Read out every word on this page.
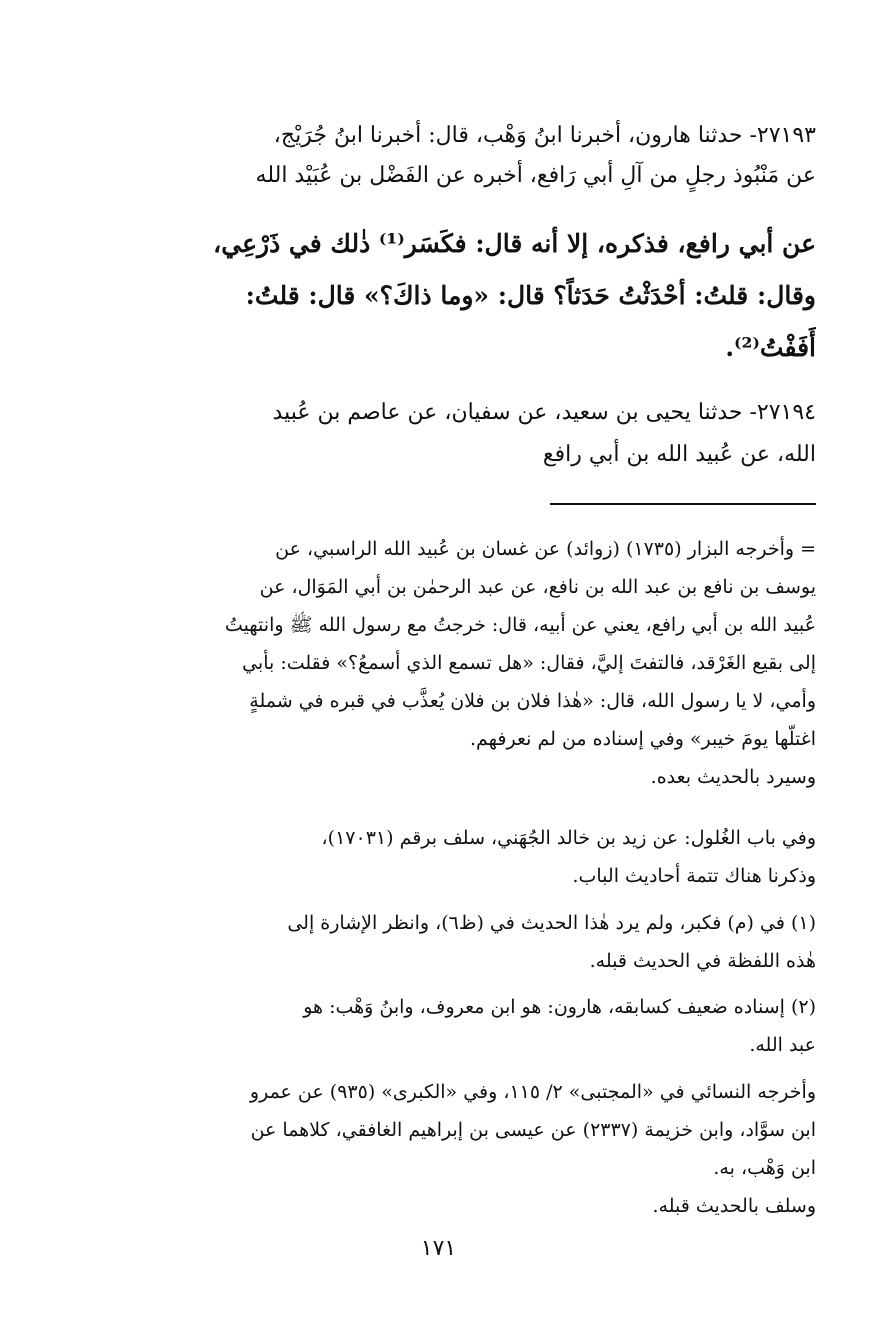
٢٧١٩٣- حدثنا هارون، أخبرنا ابنُ وَهْب، قال: أخبرنا ابنُ جُرَيْج،
عن مَنْبُوذ رجلٍ من آلِ أبي رَافع، أخبره عن الفَضْل بن عُبَيْد الله
عن أبي رافع، فذكره، إلا أنه قال: فكَسَر⁽¹⁾ ذٰلك في ذَرْعِي،
وقال: قلتُ: أحْدَثْتُ حَدَثاً؟ قال: «وما ذاكَ؟» قال: قلتُ:
أَفَفْتُ⁽²⁾.
٢٧١٩٤- حدثنا يحيى بن سعيد، عن سفيان، عن عاصم بن عُبيد
الله، عن عُبيد الله بن أبي رافع
= وأخرجه البزار (١٧٣٥) (زوائد) عن غسان بن عُبيد الله الراسبي، عن
يوسف بن نافع بن عبد الله بن نافع، عن عبد الرحمٰن بن أبي المَوَال، عن
عُبيد الله بن أبي رافع، يعني عن أبيه، قال: خرجتُ مع رسول الله ﷺ وانتهيتُ
إلى بقيع الغَرْقد، فالتفتَ إليَّ، فقال: «هل تسمع الذي أسمعُ؟» فقلت: بأبي
وأمي، لا يا رسول الله، قال: «هٰذا فلان بن فلان يُعذَّب في قبره في شملةٍ
اغتلّها يومَ خيبر» وفي إسناده من لم نعرفهم.
وسيرد بالحديث بعده.
وفي باب الغُلول: عن زيد بن خالد الجُهَني، سلف برقم (١٧٠٣١)،
وذكرنا هناك تتمة أحاديث الباب.
(١) في (م) فكبر، ولم يرد هٰذا الحديث في (ظ٦)، وانظر الإشارة إلى
هٰذه اللفظة في الحديث قبله.
(٢) إسناده ضعيف كسابقه، هارون: هو ابن معروف، وابنُ وَهْب: هو
عبد الله.
وأخرجه النسائي في «المجتبى» ٢/ ١١٥، وفي «الكبرى» (٩٣٥) عن عمرو
ابن سوَّاد، وابن خزيمة (٢٣٣٧) عن عيسى بن إبراهيم الغافقي، كلاهما عن
ابن وَهْب، به.
وسلف بالحديث قبله.
١٧١
